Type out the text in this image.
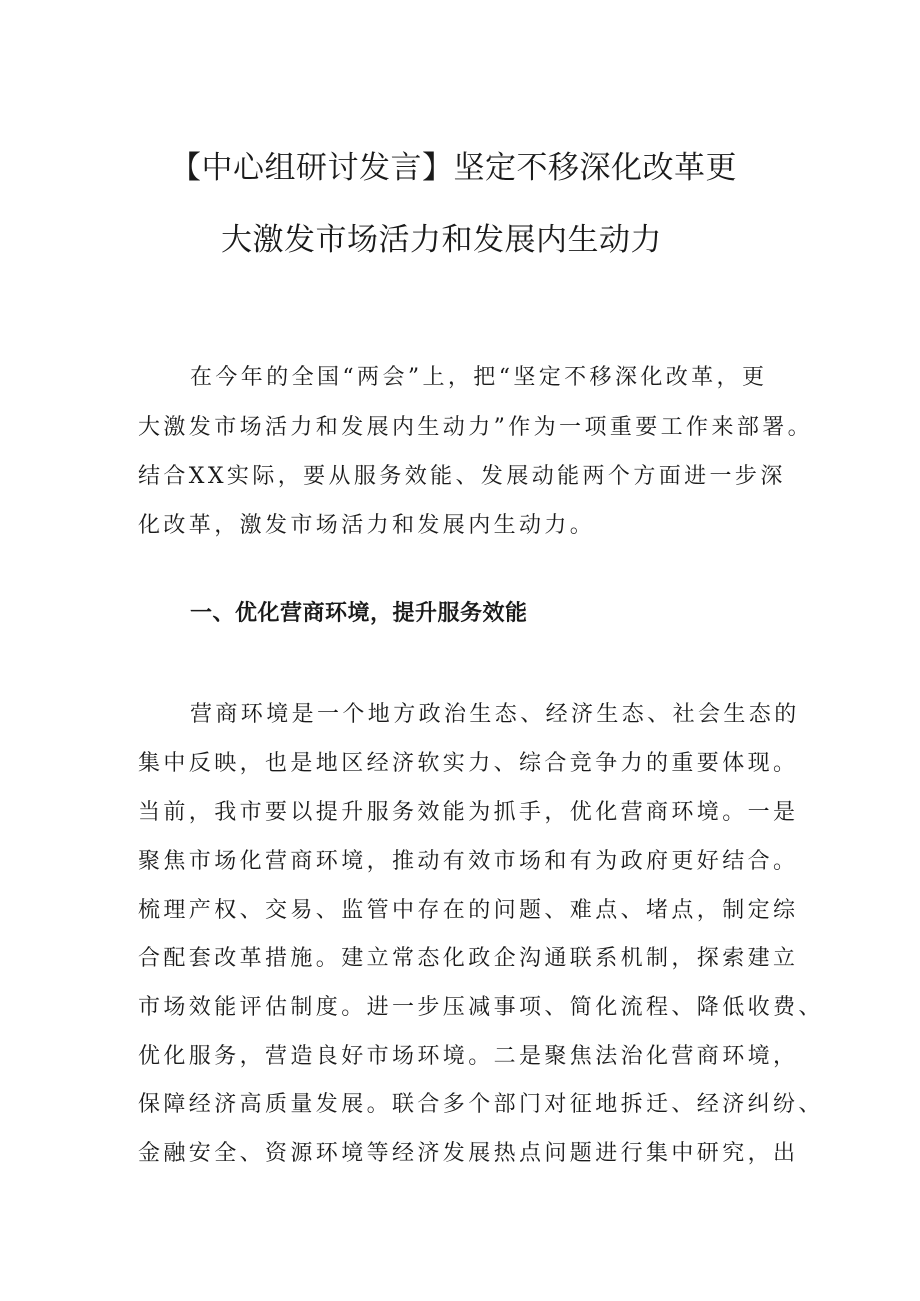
【中心组研讨发言】坚定不移深化改革更
大激发市场活力和发展内生动力
在今年的全国“两会”上，把“坚定不移深化改革，更
大激发市场活力和发展内生动力”作为一项重要工作来部署。
结合XX实际，要从服务效能、发展动能两个方面进一步深
化改革，激发市场活力和发展内生动力。
一、优化营商环境，提升服务效能
营商环境是一个地方政治生态、经济生态、社会生态的
集中反映，也是地区经济软实力、综合竞争力的重要体现。
当前，我市要以提升服务效能为抓手，优化营商环境。一是
聚焦市场化营商环境，推动有效市场和有为政府更好结合。
梳理产权、交易、监管中存在的问题、难点、堵点，制定综
合配套改革措施。建立常态化政企沟通联系机制，探索建立
市场效能评估制度。进一步压减事项、简化流程、降低收费、
优化服务，营造良好市场环境。二是聚焦法治化营商环境，
保障经济高质量发展。联合多个部门对征地拆迁、经济纠纷、
金融安全、资源环境等经济发展热点问题进行集中研究，出
